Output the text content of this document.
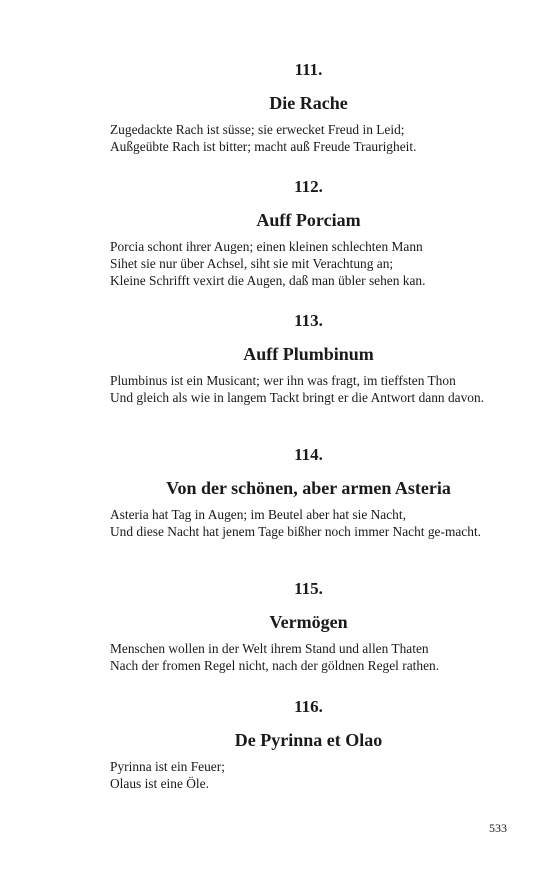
111.
Die Rache
Zugedackte Rach ist süsse; sie erwecket Freud in Leid;
Außgeübte Rach ist bitter; macht auß Freude Traurigheit.
112.
Auff Porciam
Porcia schont ihrer Augen; einen kleinen schlechten Mann
Sihet sie nur über Achsel, siht sie mit Verachtung an;
Kleine Schrifft vexirt die Augen, daß man übler sehen kan.
113.
Auff Plumbinum
Plumbinus ist ein Musicant; wer ihn was fragt, im tieffsten Thon
Und gleich als wie in langem Tackt bringt er die Antwort dann davon.
114.
Von der schönen, aber armen Asteria
Asteria hat Tag in Augen; im Beutel aber hat sie Nacht,
Und diese Nacht hat jenem Tage bißher noch immer Nacht ge-macht.
115.
Vermögen
Menschen wollen in der Welt ihrem Stand und allen Thaten
Nach der fromen Regel nicht, nach der göldnen Regel rathen.
116.
De Pyrinna et Olao
Pyrinna ist ein Feuer;
Olaus ist eine Öle.
533
